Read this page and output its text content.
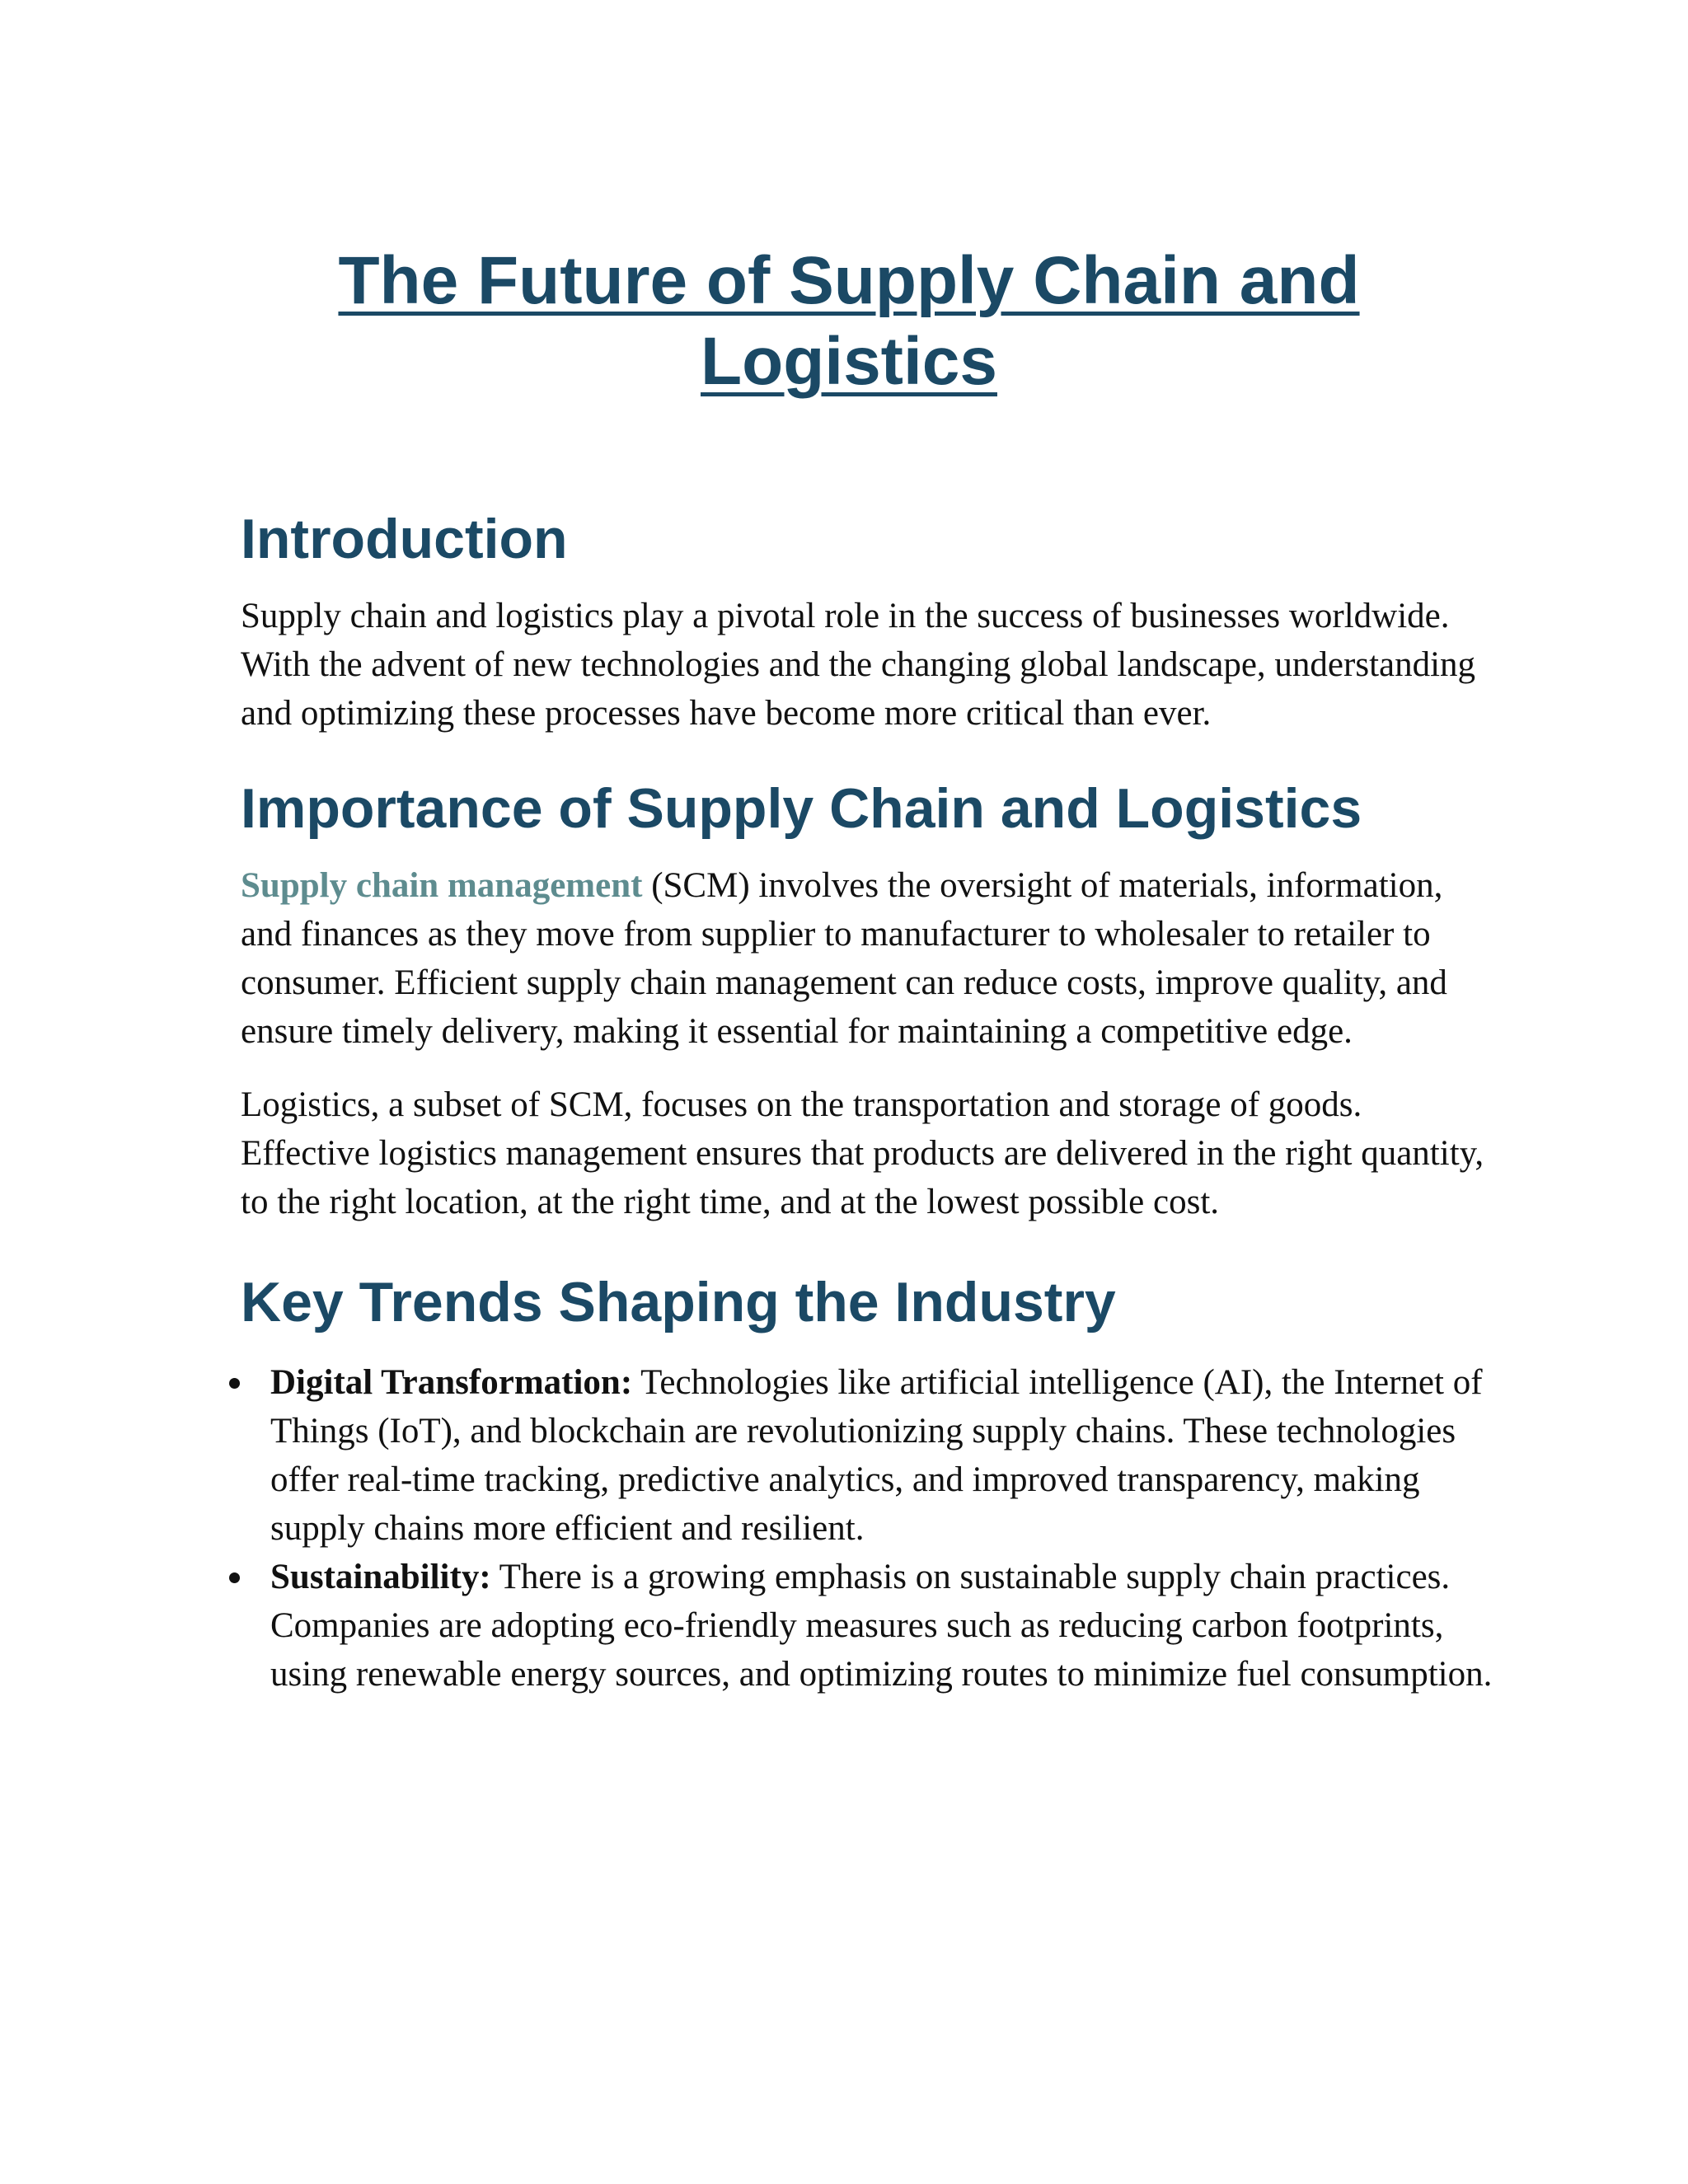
The Future of Supply Chain and Logistics
Introduction

Supply chain and logistics play a pivotal role in the success of businesses worldwide. With the advent of new technologies and the changing global landscape, understanding and optimizing these processes have become more critical than ever.

Importance of Supply Chain and Logistics

Supply chain management (SCM) involves the oversight of materials, information, and finances as they move from supplier to manufacturer to wholesaler to retailer to consumer. Efficient supply chain management can reduce costs, improve quality, and ensure timely delivery, making it essential for maintaining a competitive edge.

Logistics, a subset of SCM, focuses on the transportation and storage of goods. Effective logistics management ensures that products are delivered in the right quantity, to the right location, at the right time, and at the lowest possible cost.

Key Trends Shaping the Industry
Digital Transformation: Technologies like artificial intelligence (AI), the Internet of Things (IoT), and blockchain are revolutionizing supply chains. These technologies offer real-time tracking, predictive analytics, and improved transparency, making supply chains more efficient and resilient.
Sustainability: There is a growing emphasis on sustainable supply chain practices. Companies are adopting eco-friendly measures such as reducing carbon footprints, using renewable energy sources, and optimizing routes to minimize fuel consumption.
